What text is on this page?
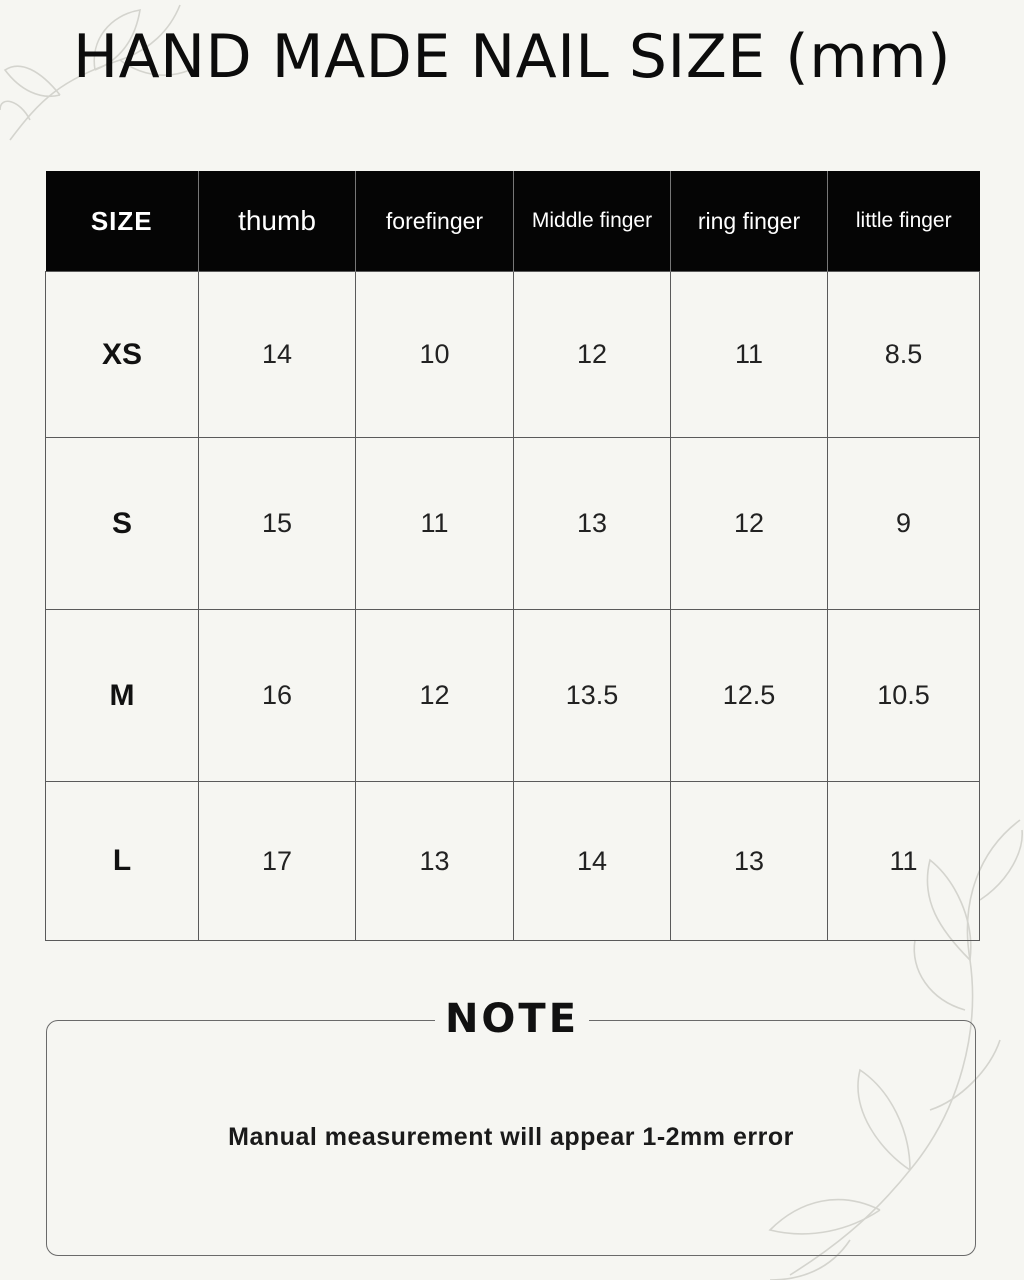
HAND MADE NAIL SIZE (mm)
SIZE	thumb	forefinger	Middle finger	ring finger	little finger
XS	14	10	12	11	8.5
S	15	11	13	12	9
M	16	12	13.5	12.5	10.5
L	17	13	14	13	11
NOTE
Manual measurement will appear 1-2mm error
